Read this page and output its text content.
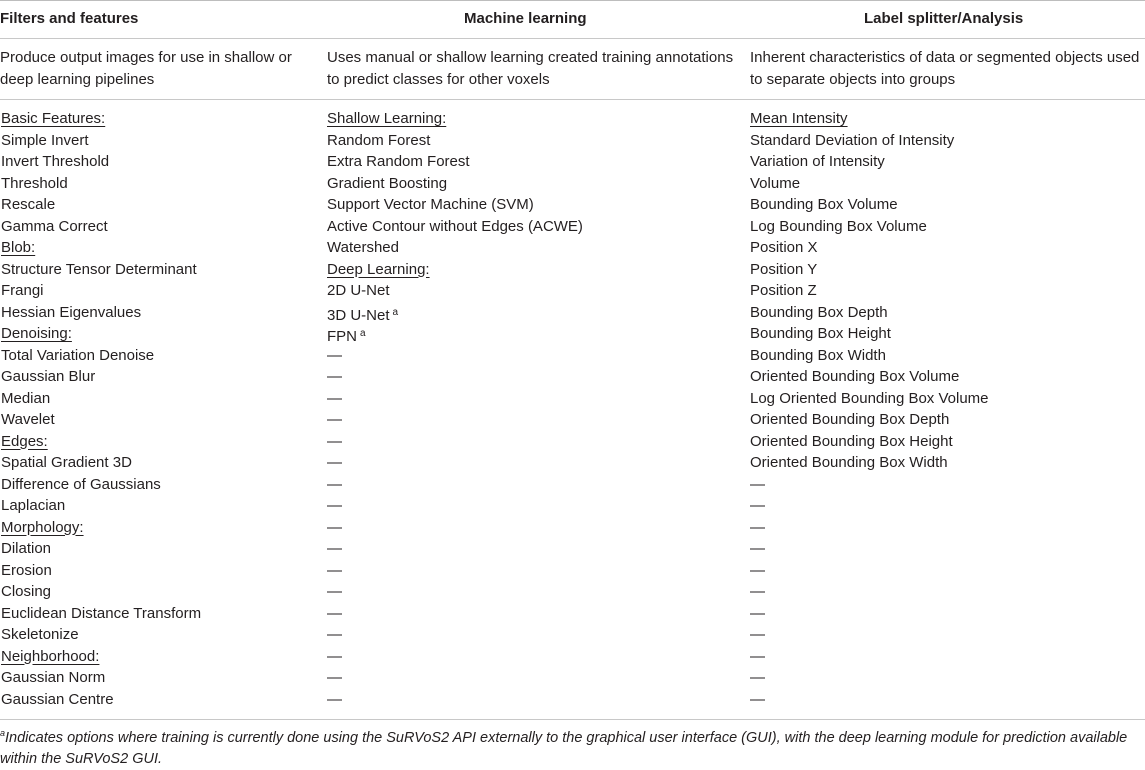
Filters and features	Machine learning	Label splitter/Analysis
Produce output images for use in shallow or deep learning pipelines
Uses manual or shallow learning created training annotations to predict classes for other voxels
Inherent characteristics of data or segmented objects used to separate objects into groups
Basic Features:
Simple Invert
Invert Threshold
Threshold
Rescale
Gamma Correct
Blob:
Structure Tensor Determinant
Frangi
Hessian Eigenvalues
Denoising:
Total Variation Denoise
Gaussian Blur
Median
Wavelet
Edges:
Spatial Gradient 3D
Difference of Gaussians
Laplacian
Morphology:
Dilation
Erosion
Closing
Euclidean Distance Transform
Skeletonize
Neighborhood:
Gaussian Norm
Gaussian Centre
Shallow Learning:
Random Forest
Extra Random Forest
Gradient Boosting
Support Vector Machine (SVM)
Active Contour without Edges (ACWE)
Watershed
Deep Learning:
2D U-Net
3D U-Net $^a$
FPN $^a$
—
—
—
—
—
—
—
—
—
—
—
—
—
—
—
—
—
Mean Intensity
Standard Deviation of Intensity
Variation of Intensity
Volume
Bounding Box Volume
Log Bounding Box Volume
Position X
Position Y
Position Z
Bounding Box Depth
Bounding Box Height
Bounding Box Width
Oriented Bounding Box Volume
Log Oriented Bounding Box Volume
Oriented Bounding Box Depth
Oriented Bounding Box Height
Oriented Bounding Box Width
—
—
—
—
—
—
—
—
—
—
—
$^a$Indicates options where training is currently done using the SuRVoS2 API externally to the graphical user interface (GUI), with the deep learning module for prediction available within the SuRVoS2 GUI.
